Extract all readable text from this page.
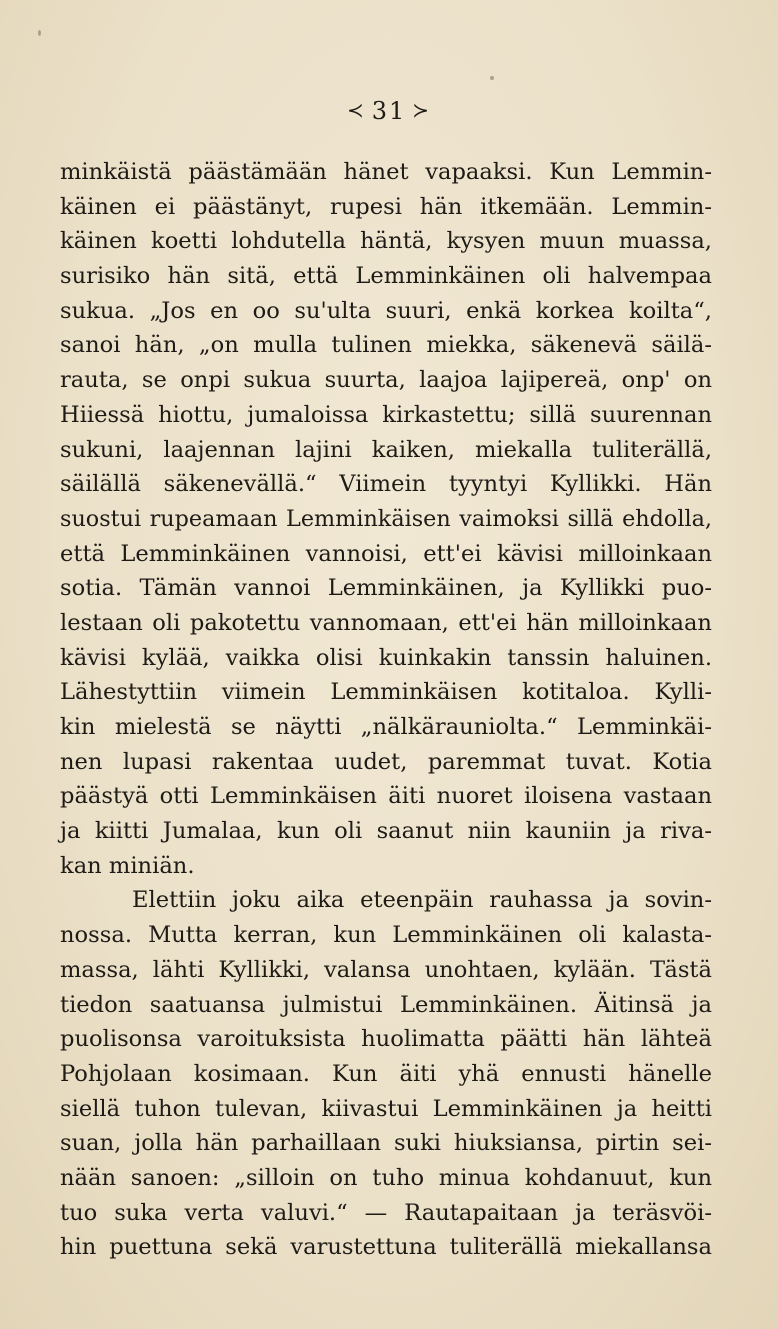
≺ 31 ≻
minkäistä päästämään hänet vapaaksi. Kun Lemmin-
käinen ei päästänyt, rupesi hän itkemään. Lemmin-
käinen koetti lohdutella häntä, kysyen muun muassa,
surisiko hän sitä, että Lemminkäinen oli halvempaa
sukua. „Jos en oo su'ulta suuri, enkä korkea koilta“,
sanoi hän, „on mulla tulinen miekka, säkenevä säilä-
rauta, se onpi sukua suurta, laajoa lajipereä, onp' on
Hiiessä hiottu, jumaloissa kirkastettu; sillä suurennan
sukuni, laajennan lajini kaiken, miekalla tuliterällä,
säilällä säkenevällä.“ Viimein tyyntyi Kyllikki. Hän
suostui rupeamaan Lemminkäisen vaimoksi sillä ehdolla,
että Lemminkäinen vannoisi, ett'ei kävisi milloinkaan
sotia. Tämän vannoi Lemminkäinen, ja Kyllikki puo-
lestaan oli pakotettu vannomaan, ett'ei hän milloinkaan
kävisi kylää, vaikka olisi kuinkakin tanssin haluinen.
Lähestyttiin viimein Lemminkäisen kotitaloa. Kylli-
kin mielestä se näytti „nälkärauniolta.“ Lemminkäi-
nen lupasi rakentaa uudet, paremmat tuvat. Kotia
päästyä otti Lemminkäisen äiti nuoret iloisena vastaan
ja kiitti Jumalaa, kun oli saanut niin kauniin ja riva-
kan miniän.
Elettiin joku aika eteenpäin rauhassa ja sovin-
nossa. Mutta kerran, kun Lemminkäinen oli kalasta-
massa, lähti Kyllikki, valansa unohtaen, kylään. Tästä
tiedon saatuansa julmistui Lemminkäinen. Äitinsä ja
puolisonsa varoituksista huolimatta päätti hän lähteä
Pohjolaan kosimaan. Kun äiti yhä ennusti hänelle
siellä tuhon tulevan, kiivastui Lemminkäinen ja heitti
suan, jolla hän parhaillaan suki hiuksiansa, pirtin sei-
nään sanoen: „silloin on tuho minua kohdanuut, kun
tuo suka verta valuvi.“ — Rautapaitaan ja teräsvöi-
hin puettuna sekä varustettuna tuliterällä miekallansa
